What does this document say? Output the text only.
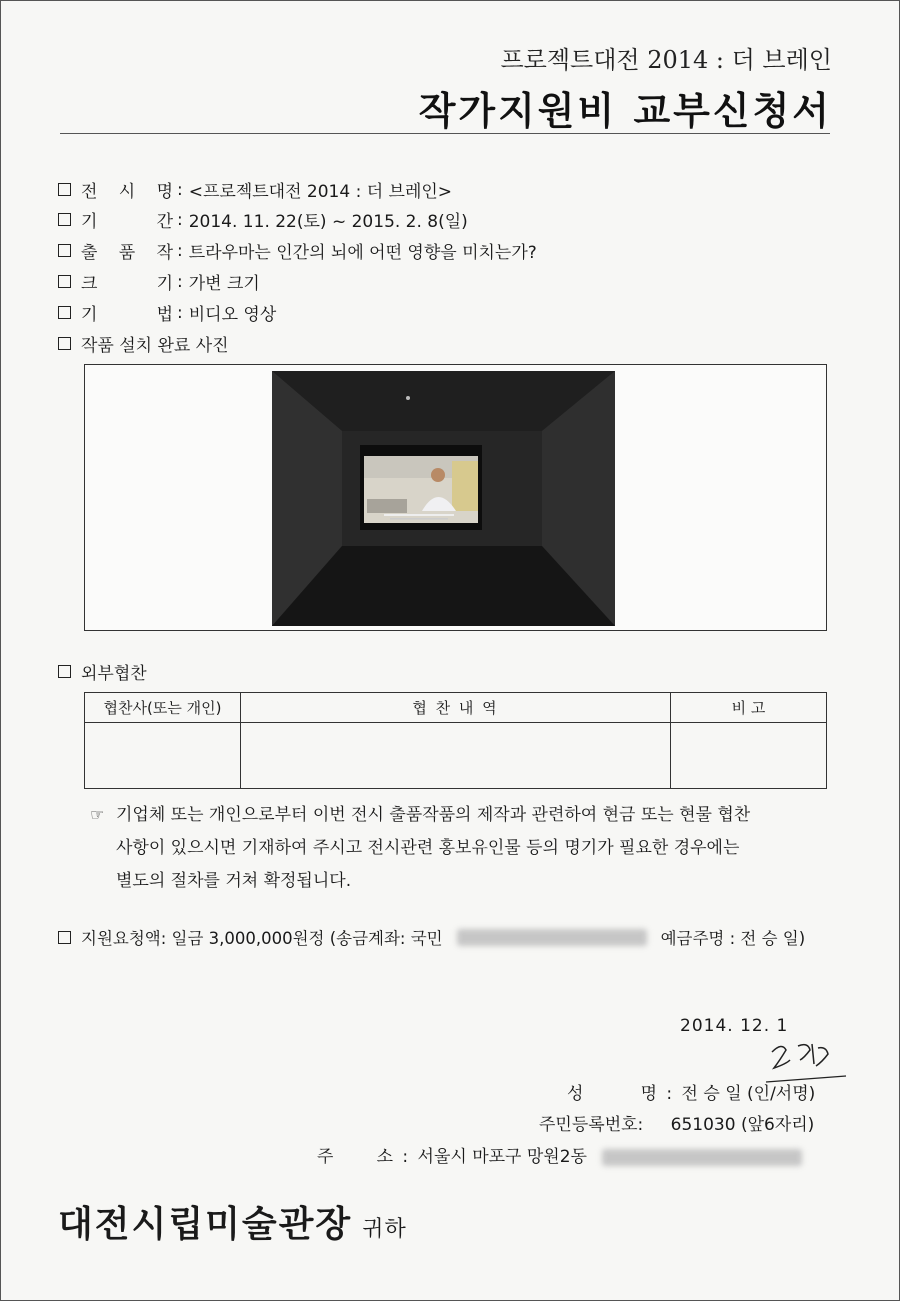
프로젝트대전 2014 : 더 브레인
작가지원비 교부신청서
전 시 명 : <프로젝트대전 2014 : 더 브레인>
기 간 : 2014. 11. 22(토) ~ 2015. 2. 8(일)
출 품 작 : 트라우마는 인간의 뇌에 어떤 영향을 미치는가?
크 기 : 가변 크기
기 법 : 비디오 영상
작품 설치 완료 사진
외부협찬
협찬사(또는 개인)	협 찬 내 역	비 고

☞ 기업체 또는 개인으로부터 이번 전시 출품작품의 제작과 관련하여 현금 또는 현물 협찬
사항이 있으시면 기재하여 주시고 전시관련 홍보유인물 등의 명기가 필요한 경우에는
별도의 절차를 거쳐 확정됩니다.
지원요청액: 일금 3,000,000원정 (송금계좌: 국민	예금주명 : 전 승 일)
2014. 12. 1
성 명 : 전 승 일 (인/서명)
주민등록번호: 651030 (앞6자리)
주 소 : 서울시 마포구 망원2동
대전시립미술관장 귀하
